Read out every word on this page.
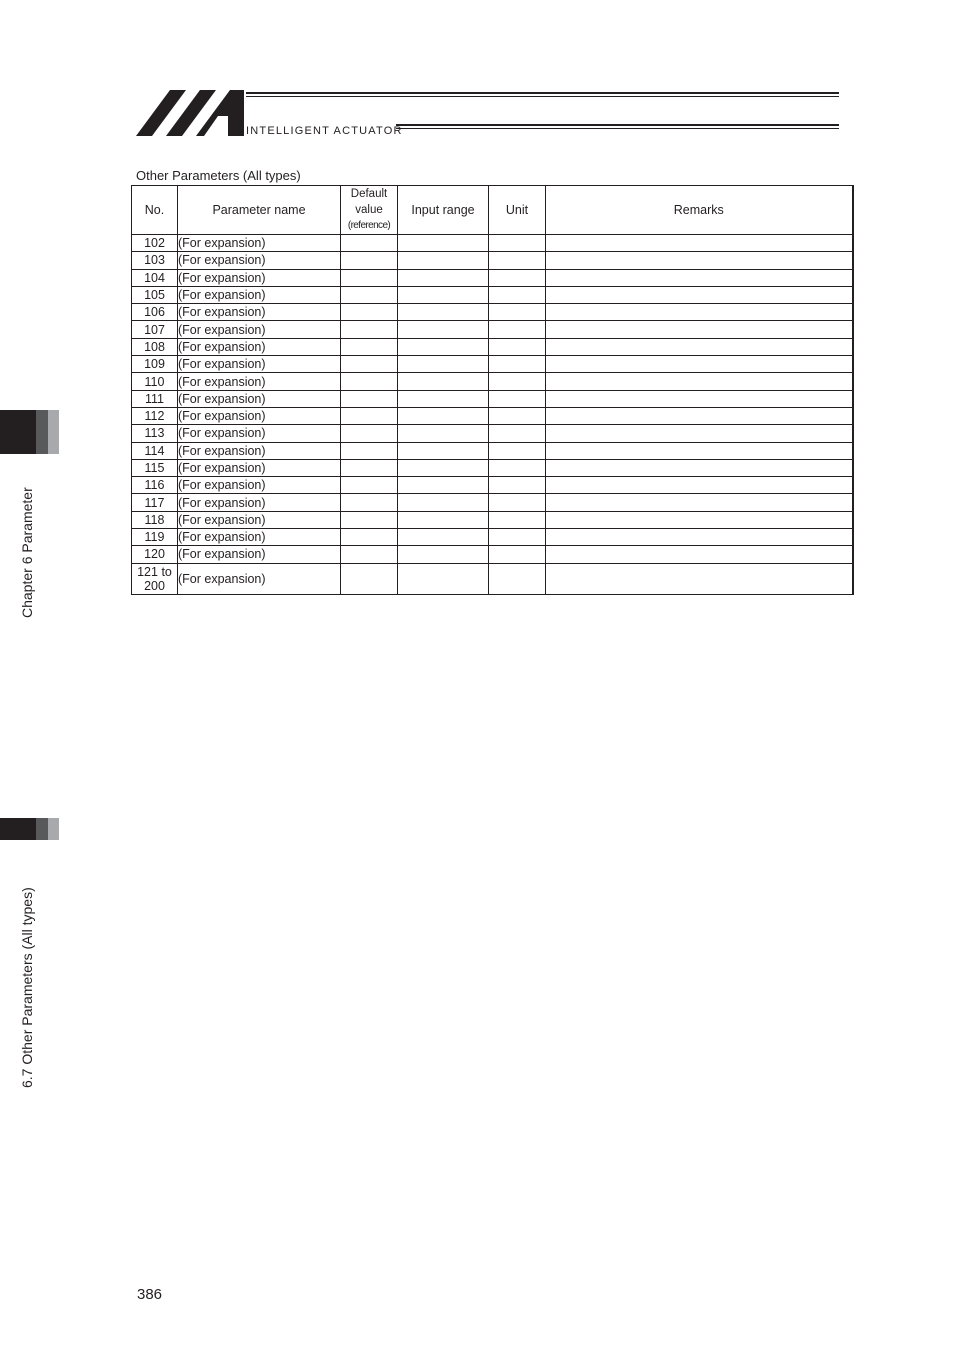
INTELLIGENT ACTUATOR
Other Parameters (All types)
No.	Parameter name	Default
value
(reference)	Input range	Unit	Remarks
102	(For expansion)				
103	(For expansion)				
104	(For expansion)				
105	(For expansion)				
106	(For expansion)				
107	(For expansion)				
108	(For expansion)				
109	(For expansion)				
110	(For expansion)				
111	(For expansion)				
112	(For expansion)				
113	(For expansion)				
114	(For expansion)				
115	(For expansion)				
116	(For expansion)				
117	(For expansion)				
118	(For expansion)				
119	(For expansion)				
120	(For expansion)				

121 to
200	(For expansion)				
Chapter 6 Parameter
6.7 Other Parameters (All types)
386
